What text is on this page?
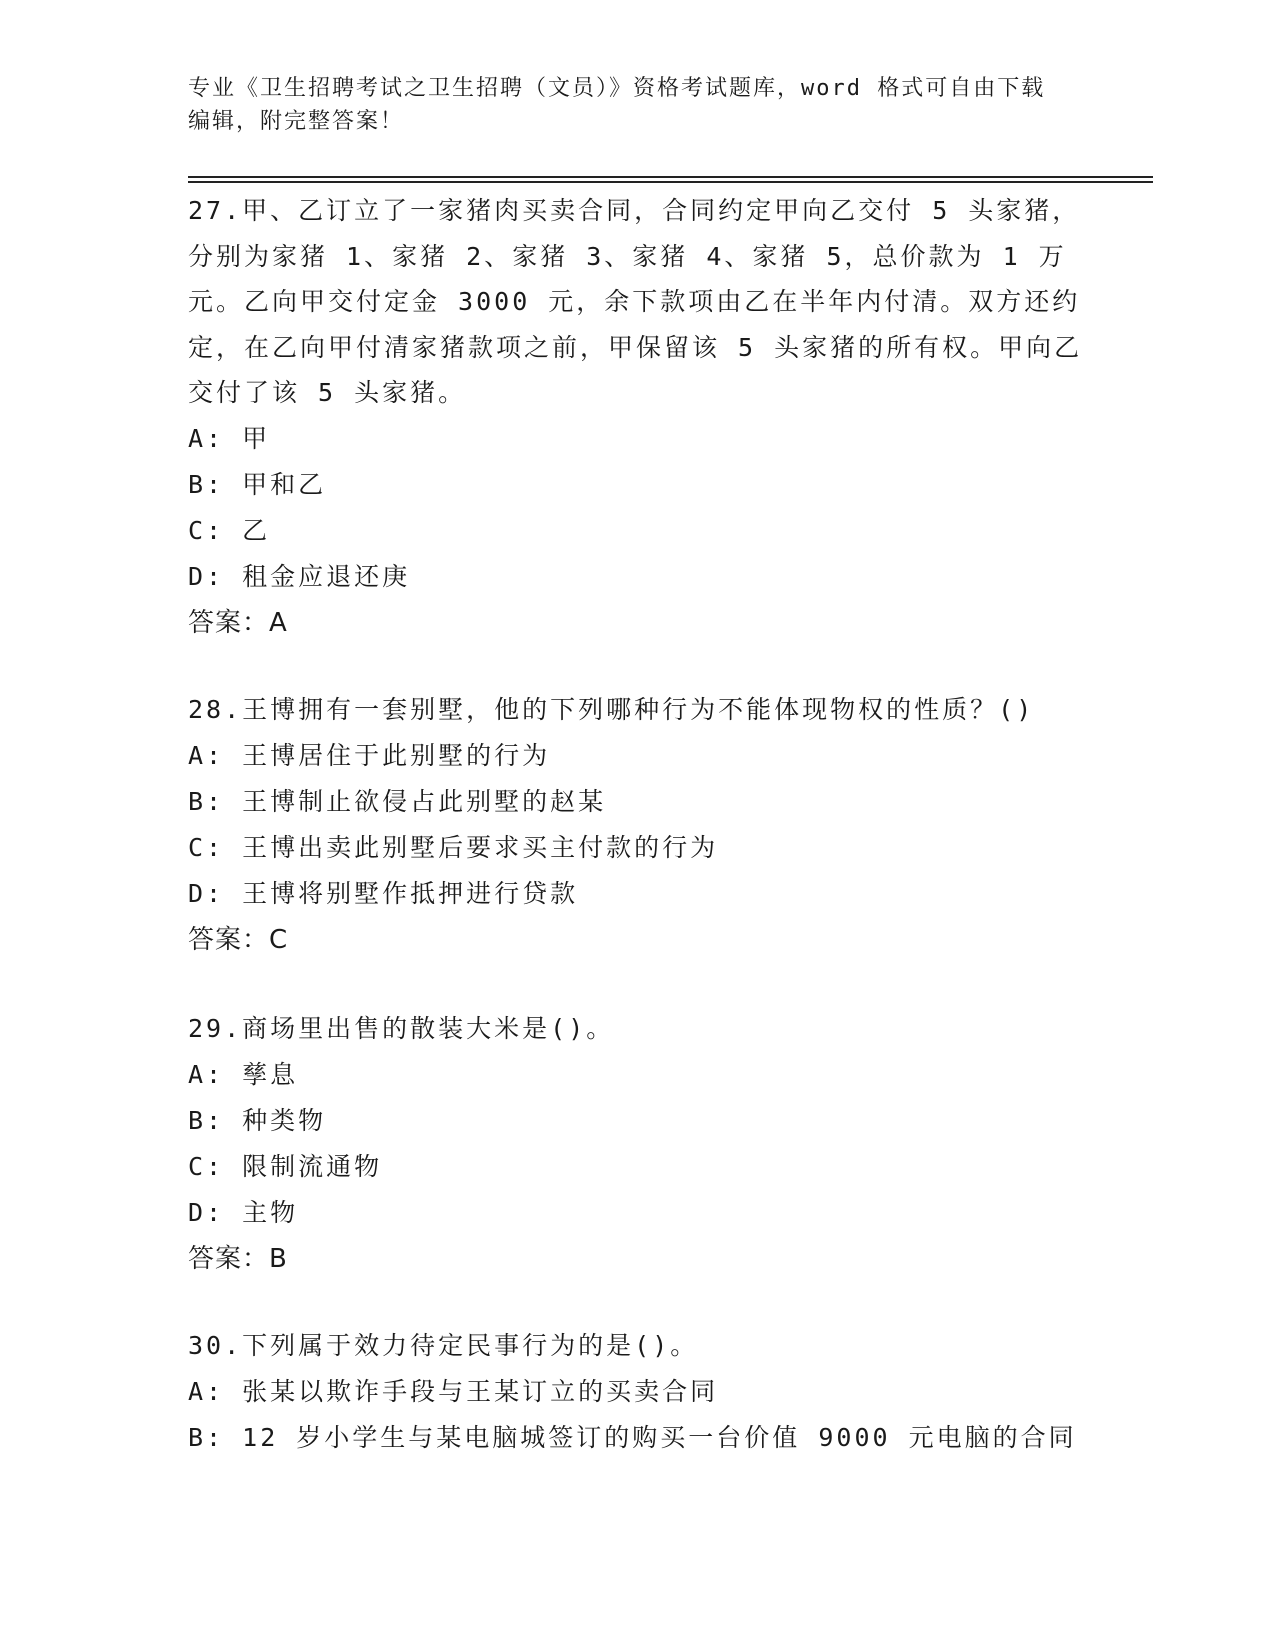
专业《卫生招聘考试之卫生招聘（文员）》资格考试题库，word 格式可自由下载
编辑，附完整答案！
27.甲、乙订立了一家猪肉买卖合同，合同约定甲向乙交付 5 头家猪，分别为家猪 1、家猪 2、家猪 3、家猪 4、家猪 5，总价款为 1 万元。乙向甲交付定金 3000 元，余下款项由乙在半年内付清。双方还约定，在乙向甲付清家猪款项之前，甲保留该 5 头家猪的所有权。甲向乙交付了该 5 头家猪。
A: 甲
B: 甲和乙
C: 乙
D: 租金应退还庚
答案：A
28.王博拥有一套别墅，他的下列哪种行为不能体现物权的性质？()
A: 王博居住于此别墅的行为
B: 王博制止欲侵占此别墅的赵某
C: 王博出卖此别墅后要求买主付款的行为
D: 王博将别墅作抵押进行贷款
答案：C
29.商场里出售的散装大米是()。
A: 孳息
B: 种类物
C: 限制流通物
D: 主物
答案：B
30.下列属于效力待定民事行为的是()。
A: 张某以欺诈手段与王某订立的买卖合同
B: 12 岁小学生与某电脑城签订的购买一台价值 9000 元电脑的合同
